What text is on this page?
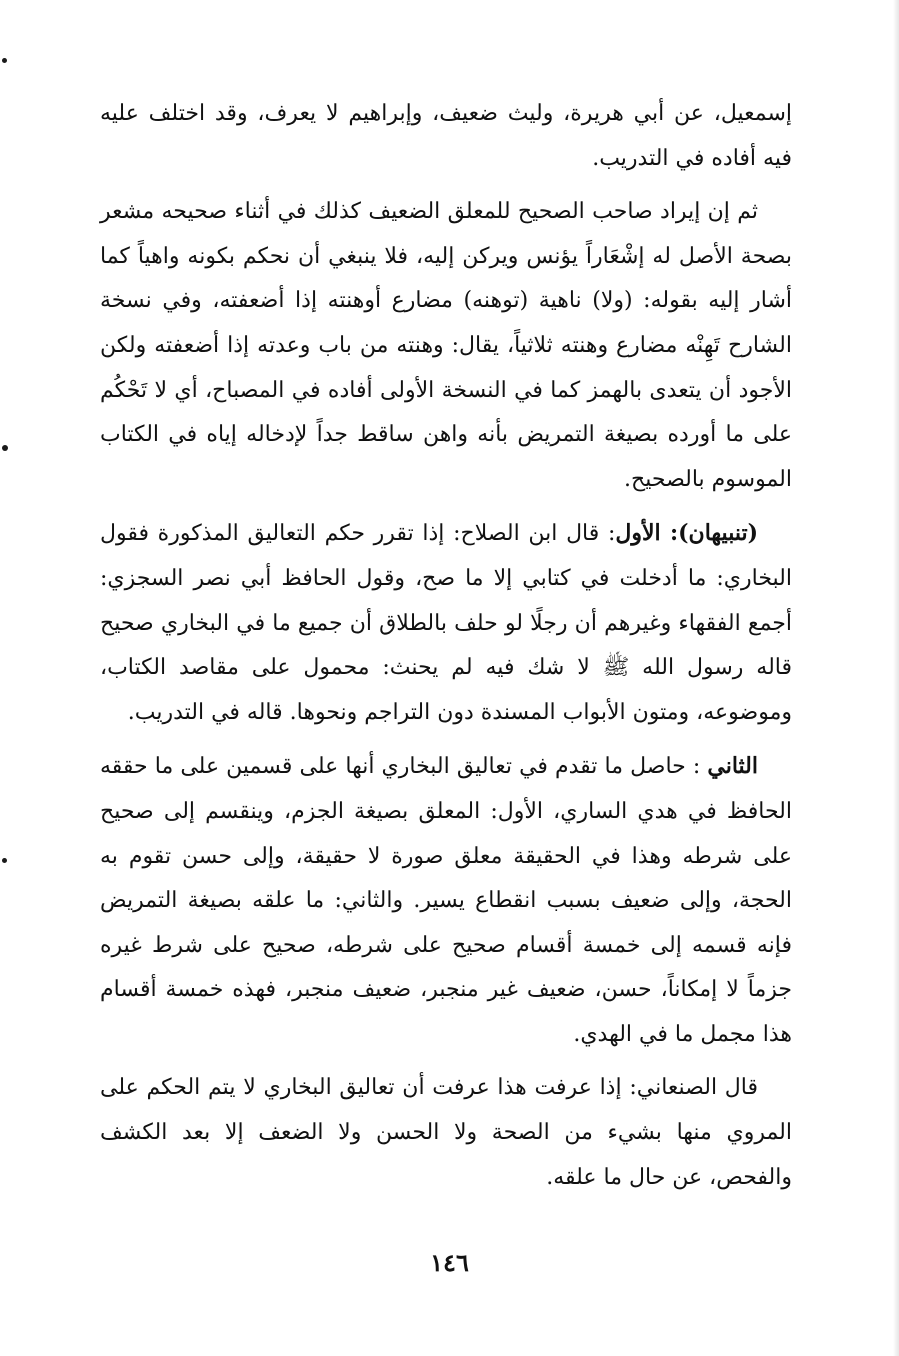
إسمعيل، عن أبي هريرة، وليث ضعيف، وإبراهيم لا يعرف، وقد اختلف عليه فيه أفاده في التدريب.

ثم إن إيراد صاحب الصحيح للمعلق الضعيف كذلك في أثناء صحيحه مشعر بصحة الأصل له إشْعَاراً يؤنس ويركن إليه، فلا ينبغي أن نحكم بكونه واهياً كما أشار إليه بقوله: (ولا) ناهية (توهنه) مضارع أوهنته إذا أضعفته، وفي نسخة الشارح تَهِنْه مضارع وهنته ثلاثياً، يقال: وهنته من باب وعدته إذا أضعفته ولكن الأجود أن يتعدى بالهمز كما في النسخة الأولى أفاده في المصباح، أي لا تَحْكُم على ما أورده بصيغة التمريض بأنه واهن ساقط جداً لإدخاله إياه في الكتاب الموسوم بالصحيح.

(تنبيهان): الأول: قال ابن الصلاح: إذا تقرر حكم التعاليق المذكورة فقول البخاري: ما أدخلت في كتابي إلا ما صح، وقول الحافظ أبي نصر السجزي: أجمع الفقهاء وغيرهم أن رجلًا لو حلف بالطلاق أن جميع ما في البخاري صحيح قاله رسول الله ﷺ لا شك فيه لم يحنث: محمول على مقاصد الكتاب، وموضوعه، ومتون الأبواب المسندة دون التراجم ونحوها. قاله في التدريب.

الثاني : حاصل ما تقدم في تعاليق البخاري أنها على قسمين على ما حققه الحافظ في هدي الساري، الأول: المعلق بصيغة الجزم، وينقسم إلى صحيح على شرطه وهذا في الحقيقة معلق صورة لا حقيقة، وإلى حسن تقوم به الحجة، وإلى ضعيف بسبب انقطاع يسير. والثاني: ما علقه بصيغة التمريض فإنه قسمه إلى خمسة أقسام صحيح على شرطه، صحيح على شرط غيره جزماً لا إمكاناً، حسن، ضعيف غير منجبر، ضعيف منجبر، فهذه خمسة أقسام هذا مجمل ما في الهدي.

قال الصنعاني: إذا عرفت هذا عرفت أن تعاليق البخاري لا يتم الحكم على المروي منها بشيء من الصحة ولا الحسن ولا الضعف إلا بعد الكشف والفحص، عن حال ما علقه.

١٤٦
